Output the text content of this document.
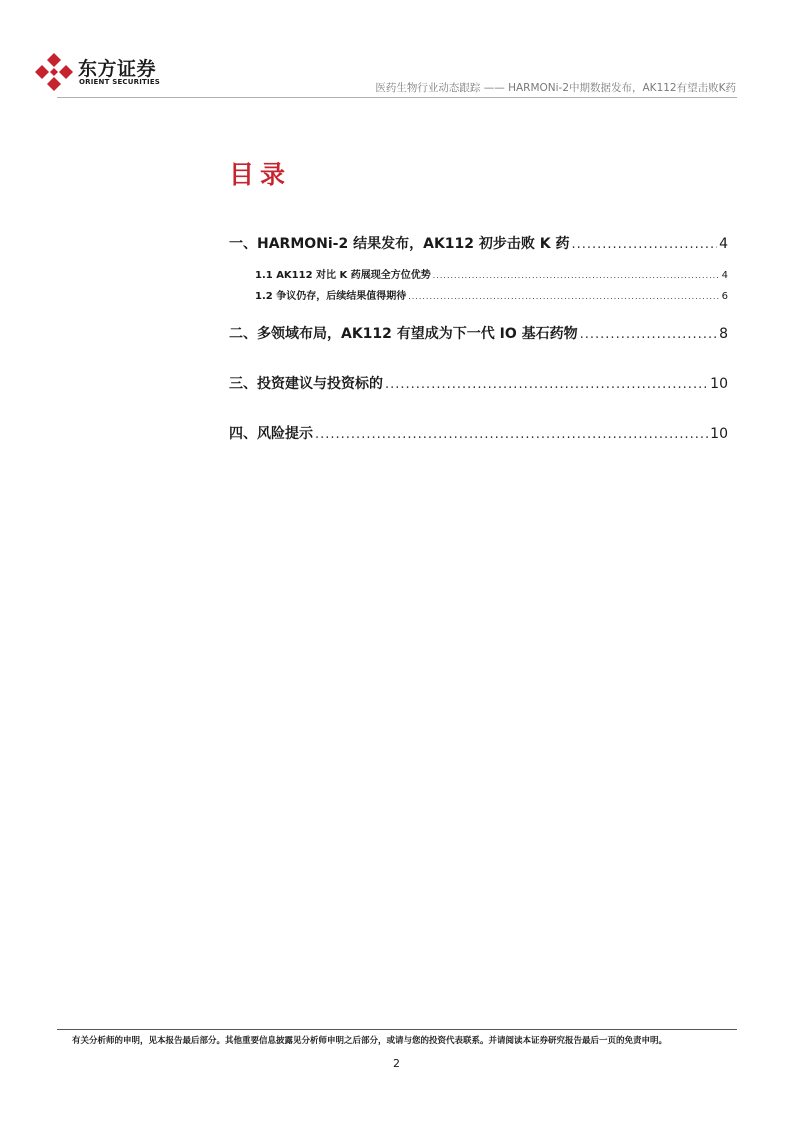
东方证券
ORIENT SECURITIES	医药生物行业动态跟踪 —— HARMONi-2中期数据发布，AK112有望击败K药
目录
一、HARMONi-2 结果发布，AK112 初步击败 K 药 .....	4
1.1 AK112 对比 K 药展现全方位优势 .....	4
1.2 争议仍存，后续结果值得期待 .....	6
二、多领域布局，AK112 有望成为下一代 IO 基石药物 .....	8
三、投资建议与投资标的 .....	10
四、风险提示 .....	10
有关分析师的申明，见本报告最后部分。其他重要信息披露见分析师申明之后部分，或请与您的投资代表联系。并请阅读本证券研究报告最后一页的免责申明。
2
